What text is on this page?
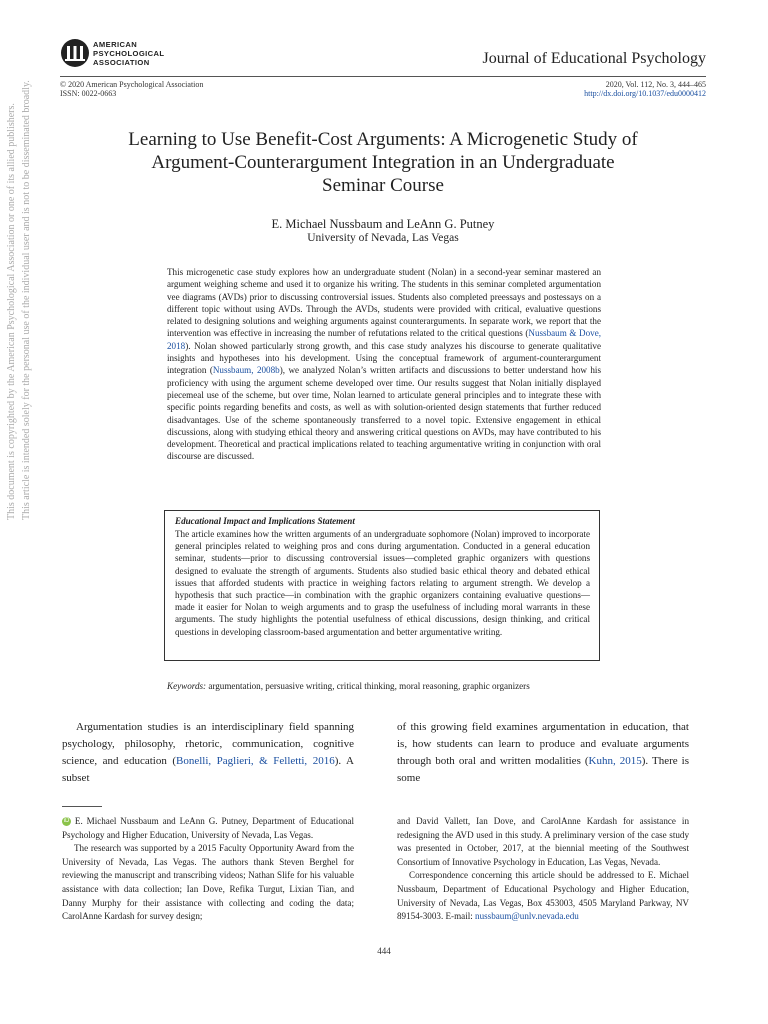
AMERICAN
PSYCHOLOGICAL
ASSOCIATION	Journal of Educational Psychology
© 2020 American Psychological Association
ISSN: 0022-0663
2020, Vol. 112, No. 3, 444–465
http://dx.doi.org/10.1037/edu0000412
Learning to Use Benefit-Cost Arguments: A Microgenetic Study of
Argument-Counterargument Integration in an Undergraduate
Seminar Course
E. Michael Nussbaum and LeAnn G. Putney
University of Nevada, Las Vegas
This microgenetic case study explores how an undergraduate student (Nolan) in a second-year seminar mastered an argument weighing scheme and used it to organize his writing. The students in this seminar completed argumentation vee diagrams (AVDs) prior to discussing controversial issues. Students also completed preessays and postessays on a different topic without using AVDs. Through the AVDs, students were provided with critical, evaluative questions related to designing solutions and weighing arguments against counterarguments. In separate work, we report that the intervention was effective in increasing the number of refutations related to the critical questions (Nussbaum & Dove, 2018). Nolan showed particularly strong growth, and this case study analyzes his discourse to generate qualitative insights and hypotheses into his development. Using the conceptual framework of argument-counterargument integration (Nussbaum, 2008b), we analyzed Nolan’s written artifacts and discussions to better understand how his proficiency with using the argument scheme developed over time. Our results suggest that Nolan initially displayed piecemeal use of the scheme, but over time, Nolan learned to articulate general principles and to integrate these with specific points regarding benefits and costs, as well as with solution-oriented design statements that further reduced disadvantages. Use of the scheme spontaneously transferred to a novel topic. Extensive engagement in ethical discussions, along with studying ethical theory and answering critical questions on AVDs, may have contributed to his development. Theoretical and practical implications related to teaching argumentative writing in conjunction with oral discourse are discussed.
Educational Impact and Implications Statement
The article examines how the written arguments of an undergraduate sophomore (Nolan) improved to incorporate general principles related to weighing pros and cons during argumentation. Conducted in a general education seminar, students—prior to discussing controversial issues—completed graphic organizers with questions designed to evaluate the strength of arguments. Students also studied basic ethical theory and debated ethical issues that afforded students with practice in weighing factors relating to argument strength. We develop a hypothesis that such practice—in combination with the graphic organizers containing evaluative questions—made it easier for Nolan to weigh arguments and to grasp the usefulness of including moral warrants in these arguments. The study highlights the potential usefulness of ethical discussions, design thinking, and critical questions in developing classroom-based argumentation and better argumentative writing.
Keywords: argumentation, persuasive writing, critical thinking, moral reasoning, graphic organizers
This document is copyrighted by the American Psychological Association or one of its allied publishers. This article is intended solely for the personal use of the individual user and is not to be disseminated broadly.
Argumentation studies is an interdisciplinary field spanning psychology, philosophy, rhetoric, communication, cognitive science, and education (Bonelli, Paglieri, & Felletti, 2016). A subset
of this growing field examines argumentation in education, that is, how students can learn to produce and evaluate arguments through both oral and written modalities (Kuhn, 2015). There is some

iD E. Michael Nussbaum and LeAnn G. Putney, Department of Educational Psychology and Higher Education, University of Nevada, Las Vegas.

The research was supported by a 2015 Faculty Opportunity Award from the University of Nevada, Las Vegas. The authors thank Steven Berghel for reviewing the manuscript and transcribing videos; Nathan Slife for his valuable assistance with data collection; Ian Dove, Refika Turgut, Lixian Tian, and Danny Murphy for their assistance with collecting and coding the data; CarolAnne Kardash for survey design;

and David Vallett, Ian Dove, and CarolAnne Kardash for assistance in redesigning the AVD used in this study. A preliminary version of the case study was presented in October, 2017, at the biennial meeting of the Southwest Consortium of Innovative Psychology in Education, Las Vegas, Nevada.

Correspondence concerning this article should be addressed to E. Michael Nussbaum, Department of Educational Psychology and Higher Education, University of Nevada, Las Vegas, Box 453003, 4505 Maryland Parkway, NV 89154-3003. E-mail: nussbaum@unlv.nevada.edu

444
